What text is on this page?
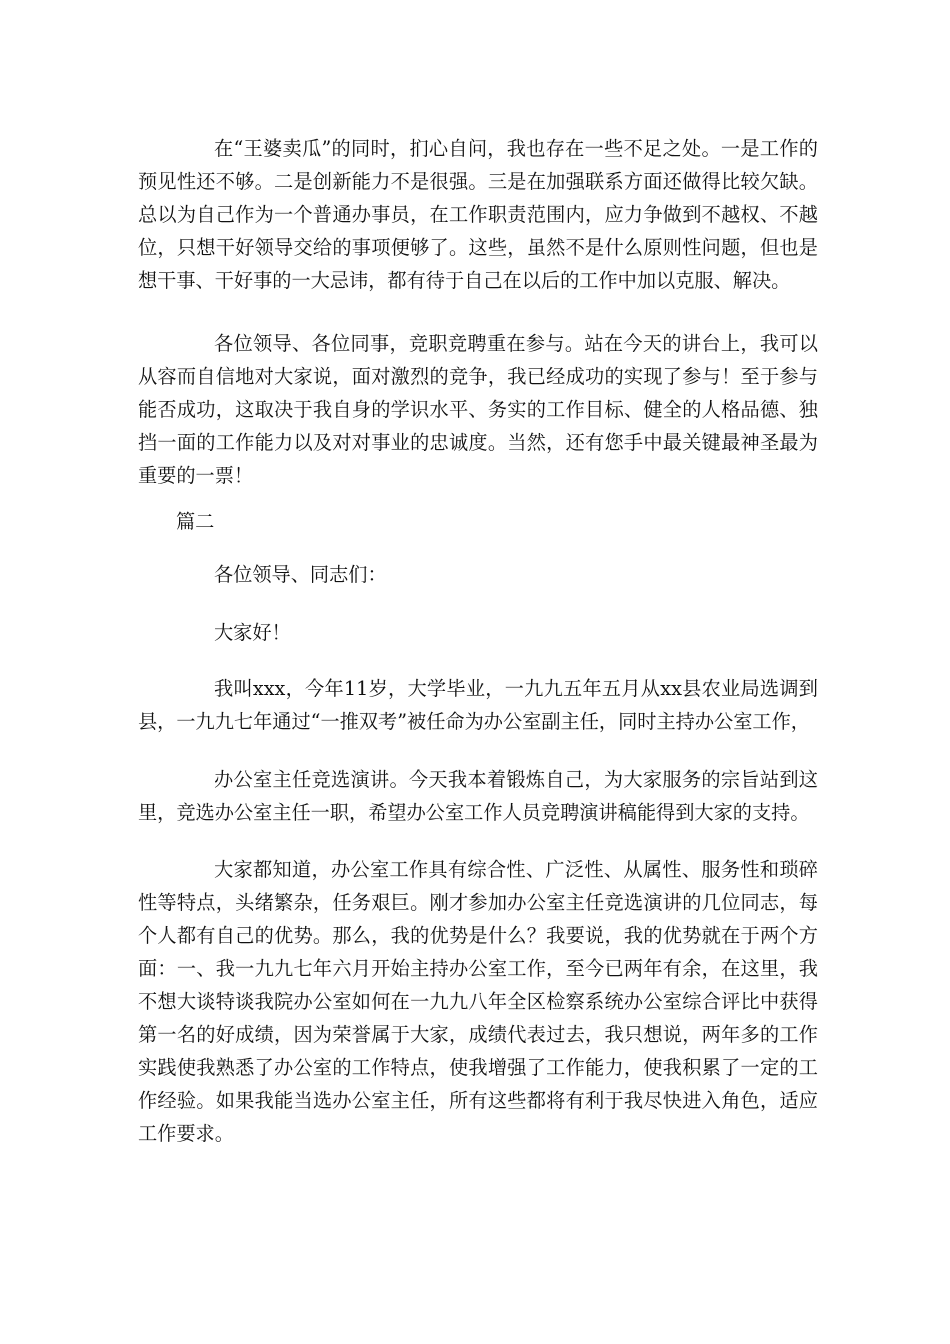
在“王婆卖瓜”的同时，扪心自问，我也存在一些不足之处。一是工作的预见性还不够。二是创新能力不是很强。三是在加强联系方面还做得比较欠缺。总以为自己作为一个普通办事员，在工作职责范围内，应力争做到不越权、不越位，只想干好领导交给的事项便够了。这些，虽然不是什么原则性问题，但也是想干事、干好事的一大忌讳，都有待于自己在以后的工作中加以克服、解决。

各位领导、各位同事，竞职竞聘重在参与。站在今天的讲台上，我可以从容而自信地对大家说，面对激烈的竞争，我已经成功的实现了参与！至于参与能否成功，这取决于我自身的学识水平、务实的工作目标、健全的人格品德、独挡一面的工作能力以及对对事业的忠诚度。当然，还有您手中最关键最神圣最为重要的一票！

篇二

各位领导、同志们：

大家好！

我叫xxx，今年11岁，大学毕业，一九九五年五月从xx县农业局选调到县，一九九七年通过“一推双考”被任命为办公室副主任，同时主持办公室工作，

办公室主任竞选演讲。今天我本着锻炼自己，为大家服务的宗旨站到这里，竞选办公室主任一职，希望办公室工作人员竞聘演讲稿能得到大家的支持。

大家都知道，办公室工作具有综合性、广泛性、从属性、服务性和琐碎性等特点，头绪繁杂，任务艰巨。刚才参加办公室主任竞选演讲的几位同志，每个人都有自己的优势。那么，我的优势是什么？我要说，我的优势就在于两个方面：一、我一九九七年六月开始主持办公室工作，至今已两年有余，在这里，我不想大谈特谈我院办公室如何在一九九八年全区检察系统办公室综合评比中获得第一名的好成绩，因为荣誉属于大家，成绩代表过去，我只想说，两年多的工作实践使我熟悉了办公室的工作特点，使我增强了工作能力，使我积累了一定的工作经验。如果我能当选办公室主任，所有这些都将有利于我尽快进入角色，适应工作要求。
